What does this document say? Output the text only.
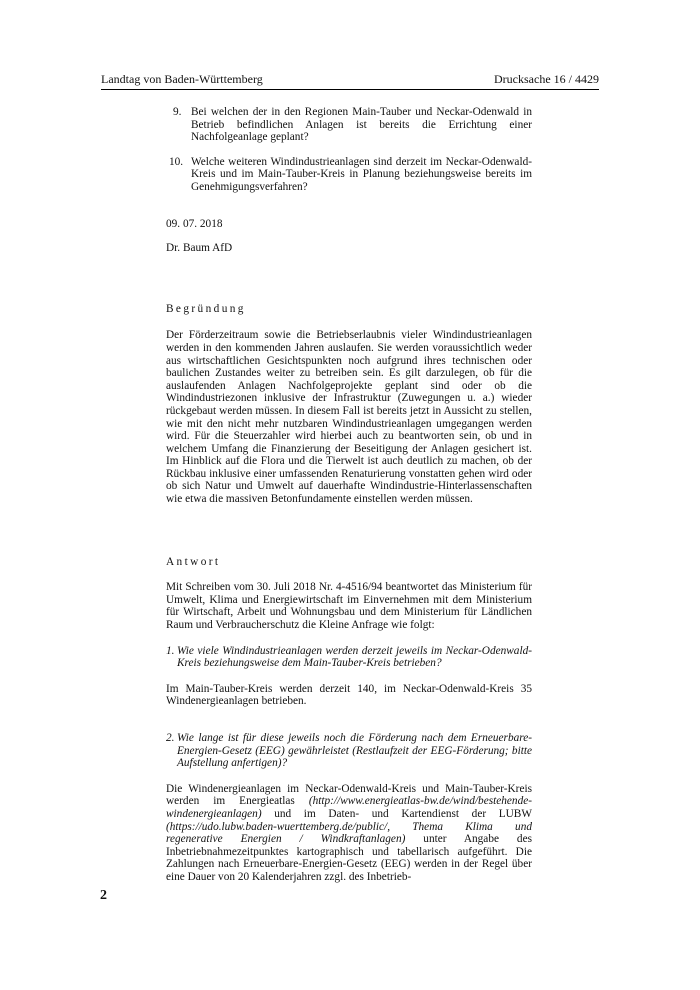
Landtag von Baden-Württemberg	Drucksache 16 / 4429
9. Bei welchen der in den Regionen Main-Tauber und Neckar-Odenwald in Betrieb befindlichen Anlagen ist bereits die Errichtung einer Nachfolgeanlage geplant?
10. Welche weiteren Windindustrieanlagen sind derzeit im Neckar-Odenwald-Kreis und im Main-Tauber-Kreis in Planung beziehungsweise bereits im Genehmigungsverfahren?

09. 07. 2018

Dr. Baum AfD

Begründung

Der Förderzeitraum sowie die Betriebserlaubnis vieler Windindustrieanlagen werden in den kommenden Jahren auslaufen. Sie werden voraussichtlich weder aus wirtschaftlichen Gesichtspunkten noch aufgrund ihres technischen oder baulichen Zustandes weiter zu betreiben sein. Es gilt darzulegen, ob für die auslaufenden Anlagen Nachfolgeprojekte geplant sind oder ob die Windindustriezonen inklusive der Infrastruktur (Zuwegungen u. a.) wieder rückgebaut werden müssen. In diesem Fall ist bereits jetzt in Aussicht zu stellen, wie mit den nicht mehr nutzbaren Windindustrieanlagen umgegangen werden wird. Für die Steuerzahler wird hierbei auch zu beantworten sein, ob und in welchem Umfang die Finanzierung der Beseitigung der Anlagen gesichert ist. Im Hinblick auf die Flora und die Tierwelt ist auch deutlich zu machen, ob der Rückbau inklusive einer umfassenden Renaturierung vonstatten gehen wird oder ob sich Natur und Umwelt auf dauerhafte Windindustrie-Hinterlassenschaften wie etwa die massiven Betonfundamente einstellen werden müssen.

Antwort

Mit Schreiben vom 30. Juli 2018 Nr. 4-4516/94 beantwortet das Ministerium für Umwelt, Klima und Energiewirtschaft im Einvernehmen mit dem Ministerium für Wirtschaft, Arbeit und Wohnungsbau und dem Ministerium für Ländlichen Raum und Verbraucherschutz die Kleine Anfrage wie folgt:

1. Wie viele Windindustrieanlagen werden derzeit jeweils im Neckar-Odenwald-Kreis beziehungsweise dem Main-Tauber-Kreis betrieben?

Im Main-Tauber-Kreis werden derzeit 140, im Neckar-Odenwald-Kreis 35 Windenergieanlagen betrieben.

2. Wie lange ist für diese jeweils noch die Förderung nach dem Erneuerbare-Energien-Gesetz (EEG) gewährleistet (Restlaufzeit der EEG-Förderung; bitte Aufstellung anfertigen)?

Die Windenergieanlagen im Neckar-Odenwald-Kreis und Main-Tauber-Kreis werden im Energieatlas (http://www.energieatlas-bw.de/wind/bestehende-windenergieanlagen) und im Daten- und Kartendienst der LUBW (https://udo.lubw.baden-wuerttemberg.de/public/, Thema Klima und regenerative Energien / Windkraftanlagen) unter Angabe des Inbetriebnahmezeitpunktes kartographisch und tabellarisch aufgeführt. Die Zahlungen nach Erneuerbare-Energien-Gesetz (EEG) werden in der Regel über eine Dauer von 20 Kalenderjahren zzgl. des Inbetrieb-

2
